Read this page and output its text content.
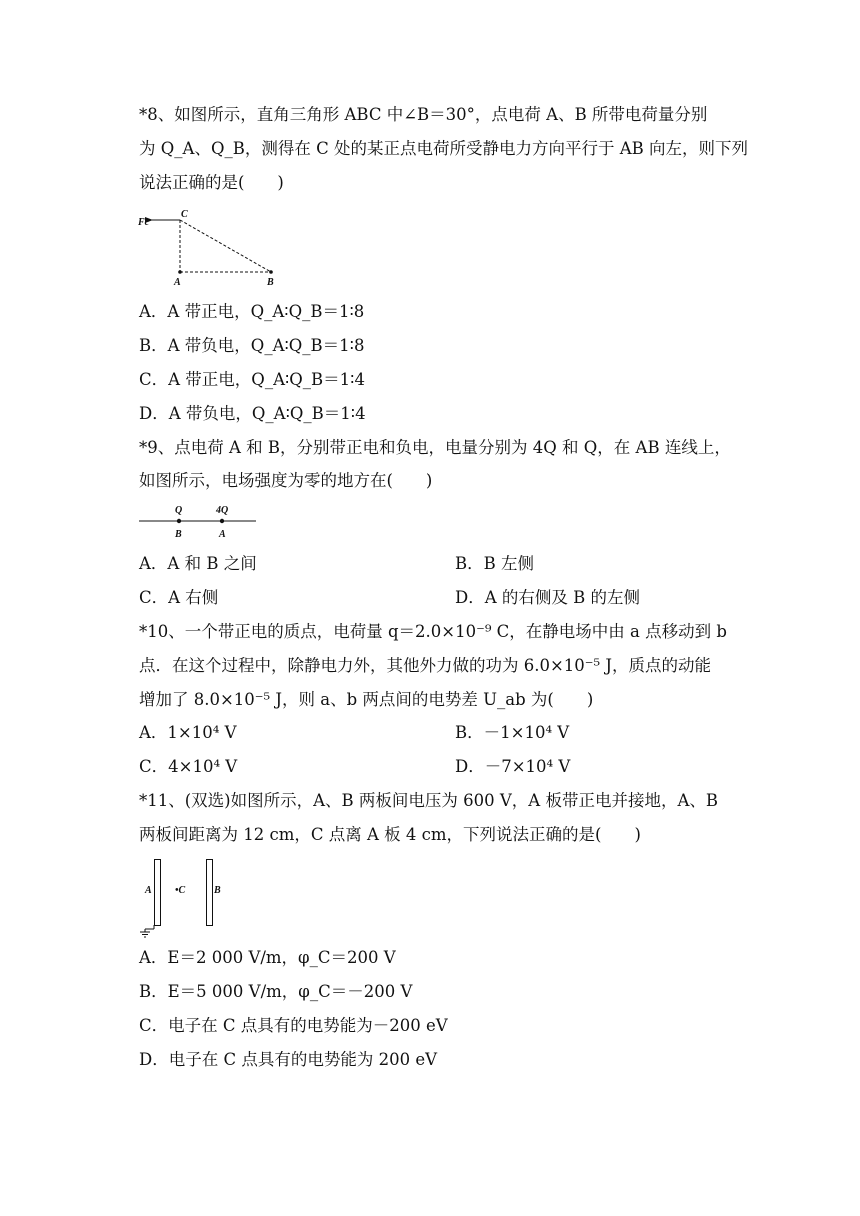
*8、如图所示，直角三角形 ABC 中∠B＝30°，点电荷 A、B 所带电荷量分别
为 Q_A、Q_B，测得在 C 处的某正点电荷所受静电力方向平行于 AB 向左，则下列
说法正确的是(　　)
Fc
C
A	B
A．A 带正电，Q_A∶Q_B＝1∶8
B．A 带负电，Q_A∶Q_B＝1∶8
C．A 带正电，Q_A∶Q_B＝1∶4
D．A 带负电，Q_A∶Q_B＝1∶4
*9、点电荷 A 和 B，分别带正电和负电，电量分别为 4Q 和 Q，在 AB 连线上，
如图所示，电场强度为零的地方在(　　)
Q	4Q
B	A
A．A 和 B 之间	B．B 左侧
C．A 右侧	D．A 的右侧及 B 的左侧
*10、一个带正电的质点，电荷量 q＝2.0×10⁻⁹ C，在静电场中由 a 点移动到 b
点．在这个过程中，除静电力外，其他外力做的功为 6.0×10⁻⁵ J，质点的动能
增加了 8.0×10⁻⁵ J，则 a、b 两点间的电势差 U_ab 为(　　)
A．1×10⁴ V	B．－1×10⁴ V
C．4×10⁴ V	D．－7×10⁴ V
*11、(双选)如图所示，A、B 两板间电压为 600 V，A 板带正电并接地，A、B
两板间距离为 12 cm，C 点离 A 板 4 cm，下列说法正确的是(　　)
A •C	B
A．E＝2 000 V/m，φ_C＝200 V
B．E＝5 000 V/m，φ_C＝－200 V
C．电子在 C 点具有的电势能为－200 eV
D．电子在 C 点具有的电势能为 200 eV
